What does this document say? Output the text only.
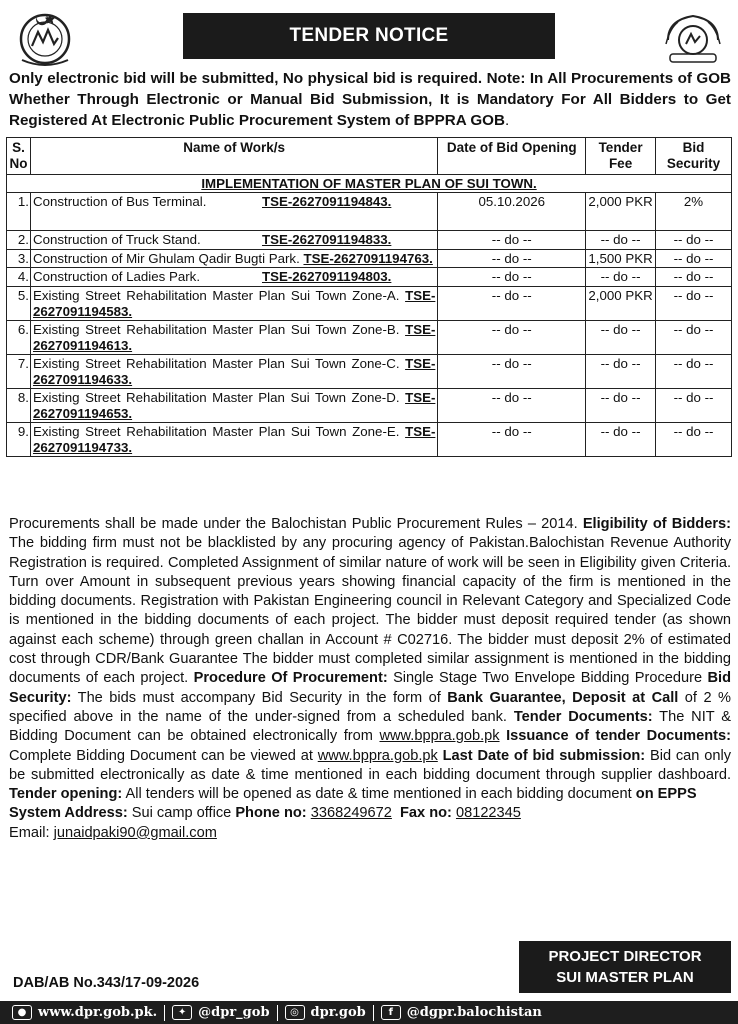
TENDER NOTICE

Only electronic bid will be submitted, No physical bid is required. Note: In All Procurements of GOB Whether Through Electronic or Manual Bid Submission, It is Mandatory For All Bidders to Get Registered At Electronic Public Procurement System of BPPRA GOB.

S. No	Name of Work/s	Date of Bid Opening	Tender Fee	Bid Security
IMPLEMENTATION OF MASTER PLAN OF SUI TOWN.				
1.	Construction of Bus Terminal. TSE-2627091194843.	05.10.2026	2,000 PKR	2%
2.	Construction of Truck Stand. TSE-2627091194833.	-- do --	-- do --	-- do --
3.	Construction of Mir Ghulam Qadir Bugti Park. TSE-2627091194763.	-- do --	1,500 PKR	-- do --
4.	Construction of Ladies Park. TSE-2627091194803.	-- do --	-- do --	-- do --
5.	Existing Street Rehabilitation Master Plan Sui Town Zone-A. TSE-2627091194583.	-- do --	2,000 PKR	-- do --
6.	Existing Street Rehabilitation Master Plan Sui Town Zone-B. TSE-2627091194613.	-- do --	-- do --	-- do --
7.	Existing Street Rehabilitation Master Plan Sui Town Zone-C. TSE-2627091194633.	-- do --	-- do --	-- do --
8.	Existing Street Rehabilitation Master Plan Sui Town Zone-D. TSE-2627091194653.	-- do --	-- do --	-- do --
9.	Existing Street Rehabilitation Master Plan Sui Town Zone-E. TSE-2627091194733.	-- do --	-- do --	-- do --
Procurements shall be made under the Balochistan Public Procurement Rules – 2014. Eligibility of Bidders: The bidding firm must not be blacklisted by any procuring agency of Pakistan.Balochistan Revenue Authority Registration is required. Completed Assignment of similar nature of work will be seen in Eligibility given Criteria. Turn over Amount in subsequent previous years showing financial capacity of the firm is mentioned in the bidding documents. Registration with Pakistan Engineering council in Relevant Category and Specialized Code is mentioned in the bidding documents of each project. The bidder must deposit required tender (as shown against each scheme) through green challan in Account # C02716. The bidder must deposit 2% of estimated cost through CDR/Bank Guarantee The bidder must completed similar assignment is mentioned in the bidding documents of each project. Procedure Of Procurement: Single Stage Two Envelope Bidding Procedure Bid Security: The bids must accompany Bid Security in the form of Bank Guarantee, Deposit at Call of 2 % specified above in the name of the under-signed from a scheduled bank. Tender Documents: The NIT & Bidding Document can be obtained electronically from www.bppra.gob.pk Issuance of tender Documents: Complete Bidding Document can be viewed at www.bppra.gob.pk Last Date of bid submission: Bid can only be submitted electronically as date & time mentioned in each bidding document through supplier dashboard. Tender opening: All tenders will be opened as date & time mentioned in each bidding document on EPPS
System Address: Sui camp office Phone no: 3368249672 Fax no: 08122345
Email: junaidpaki90@gmail.com
PROJECT DIRECTOR
SUI MASTER PLAN
DAB/AB No.343/17-09-2026
● www.dpr.gob.pk.	✦ @dpr_gob	◎ dpr.gob	f	@dgpr.balochistan
